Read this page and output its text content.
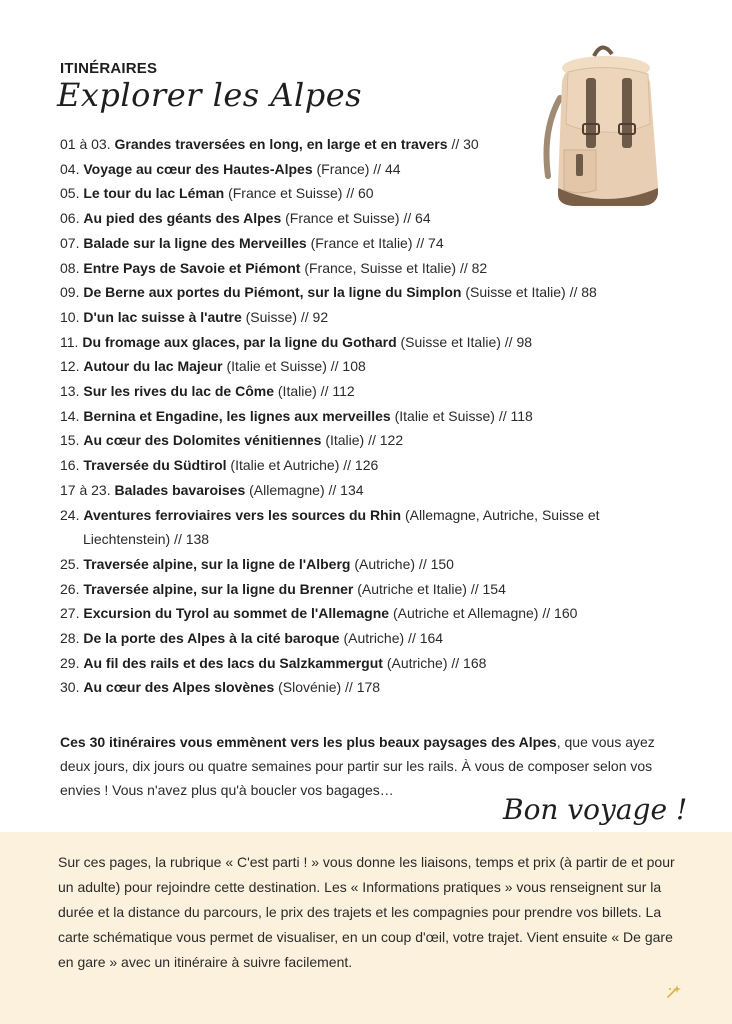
ITINÉRAIRES
Explorer les Alpes
01 à 03. Grandes traversées en long, en large et en travers // 30
04. Voyage au cœur des Hautes-Alpes (France) // 44
05. Le tour du lac Léman (France et Suisse) // 60
06. Au pied des géants des Alpes (France et Suisse) // 64
07. Balade sur la ligne des Merveilles (France et Italie) // 74
08. Entre Pays de Savoie et Piémont (France, Suisse et Italie) // 82
09. De Berne aux portes du Piémont, sur la ligne du Simplon (Suisse et Italie) // 88
10. D'un lac suisse à l'autre (Suisse) // 92
11. Du fromage aux glaces, par la ligne du Gothard (Suisse et Italie) // 98
12. Autour du lac Majeur (Italie et Suisse) // 108
13. Sur les rives du lac de Côme (Italie) // 112
14. Bernina et Engadine, les lignes aux merveilles (Italie et Suisse) // 118
15. Au cœur des Dolomites vénitiennes (Italie) // 122
16. Traversée du Südtirol (Italie et Autriche) // 126
17 à 23. Balades bavaroises (Allemagne) // 134
24. Aventures ferroviaires vers les sources du Rhin (Allemagne, Autriche, Suisse et Liechtenstein) // 138
25. Traversée alpine, sur la ligne de l'Alberg (Autriche) // 150
26. Traversée alpine, sur la ligne du Brenner (Autriche et Italie) // 154
27. Excursion du Tyrol au sommet de l'Allemagne (Autriche et Allemagne) // 160
28. De la porte des Alpes à la cité baroque (Autriche) // 164
29. Au fil des rails et des lacs du Salzkammergut (Autriche) // 168
30. Au cœur des Alpes slovènes (Slovénie) // 178

Ces 30 itinéraires vous emmènent vers les plus beaux paysages des Alpes, que vous ayez deux jours, dix jours ou quatre semaines pour partir sur les rails. À vous de composer selon vos envies ! Vous n'avez plus qu'à boucler vos bagages…

Bon voyage !

Sur ces pages, la rubrique « C'est parti ! » vous donne les liaisons, temps et prix (à partir de et pour un adulte) pour rejoindre cette destination. Les « Informations pratiques » vous renseignent sur la durée et la distance du parcours, le prix des trajets et les compagnies pour prendre vos billets. La carte schématique vous permet de visualiser, en un coup d'œil, votre trajet. Vient ensuite « De gare en gare » avec un itinéraire à suivre facilement.
